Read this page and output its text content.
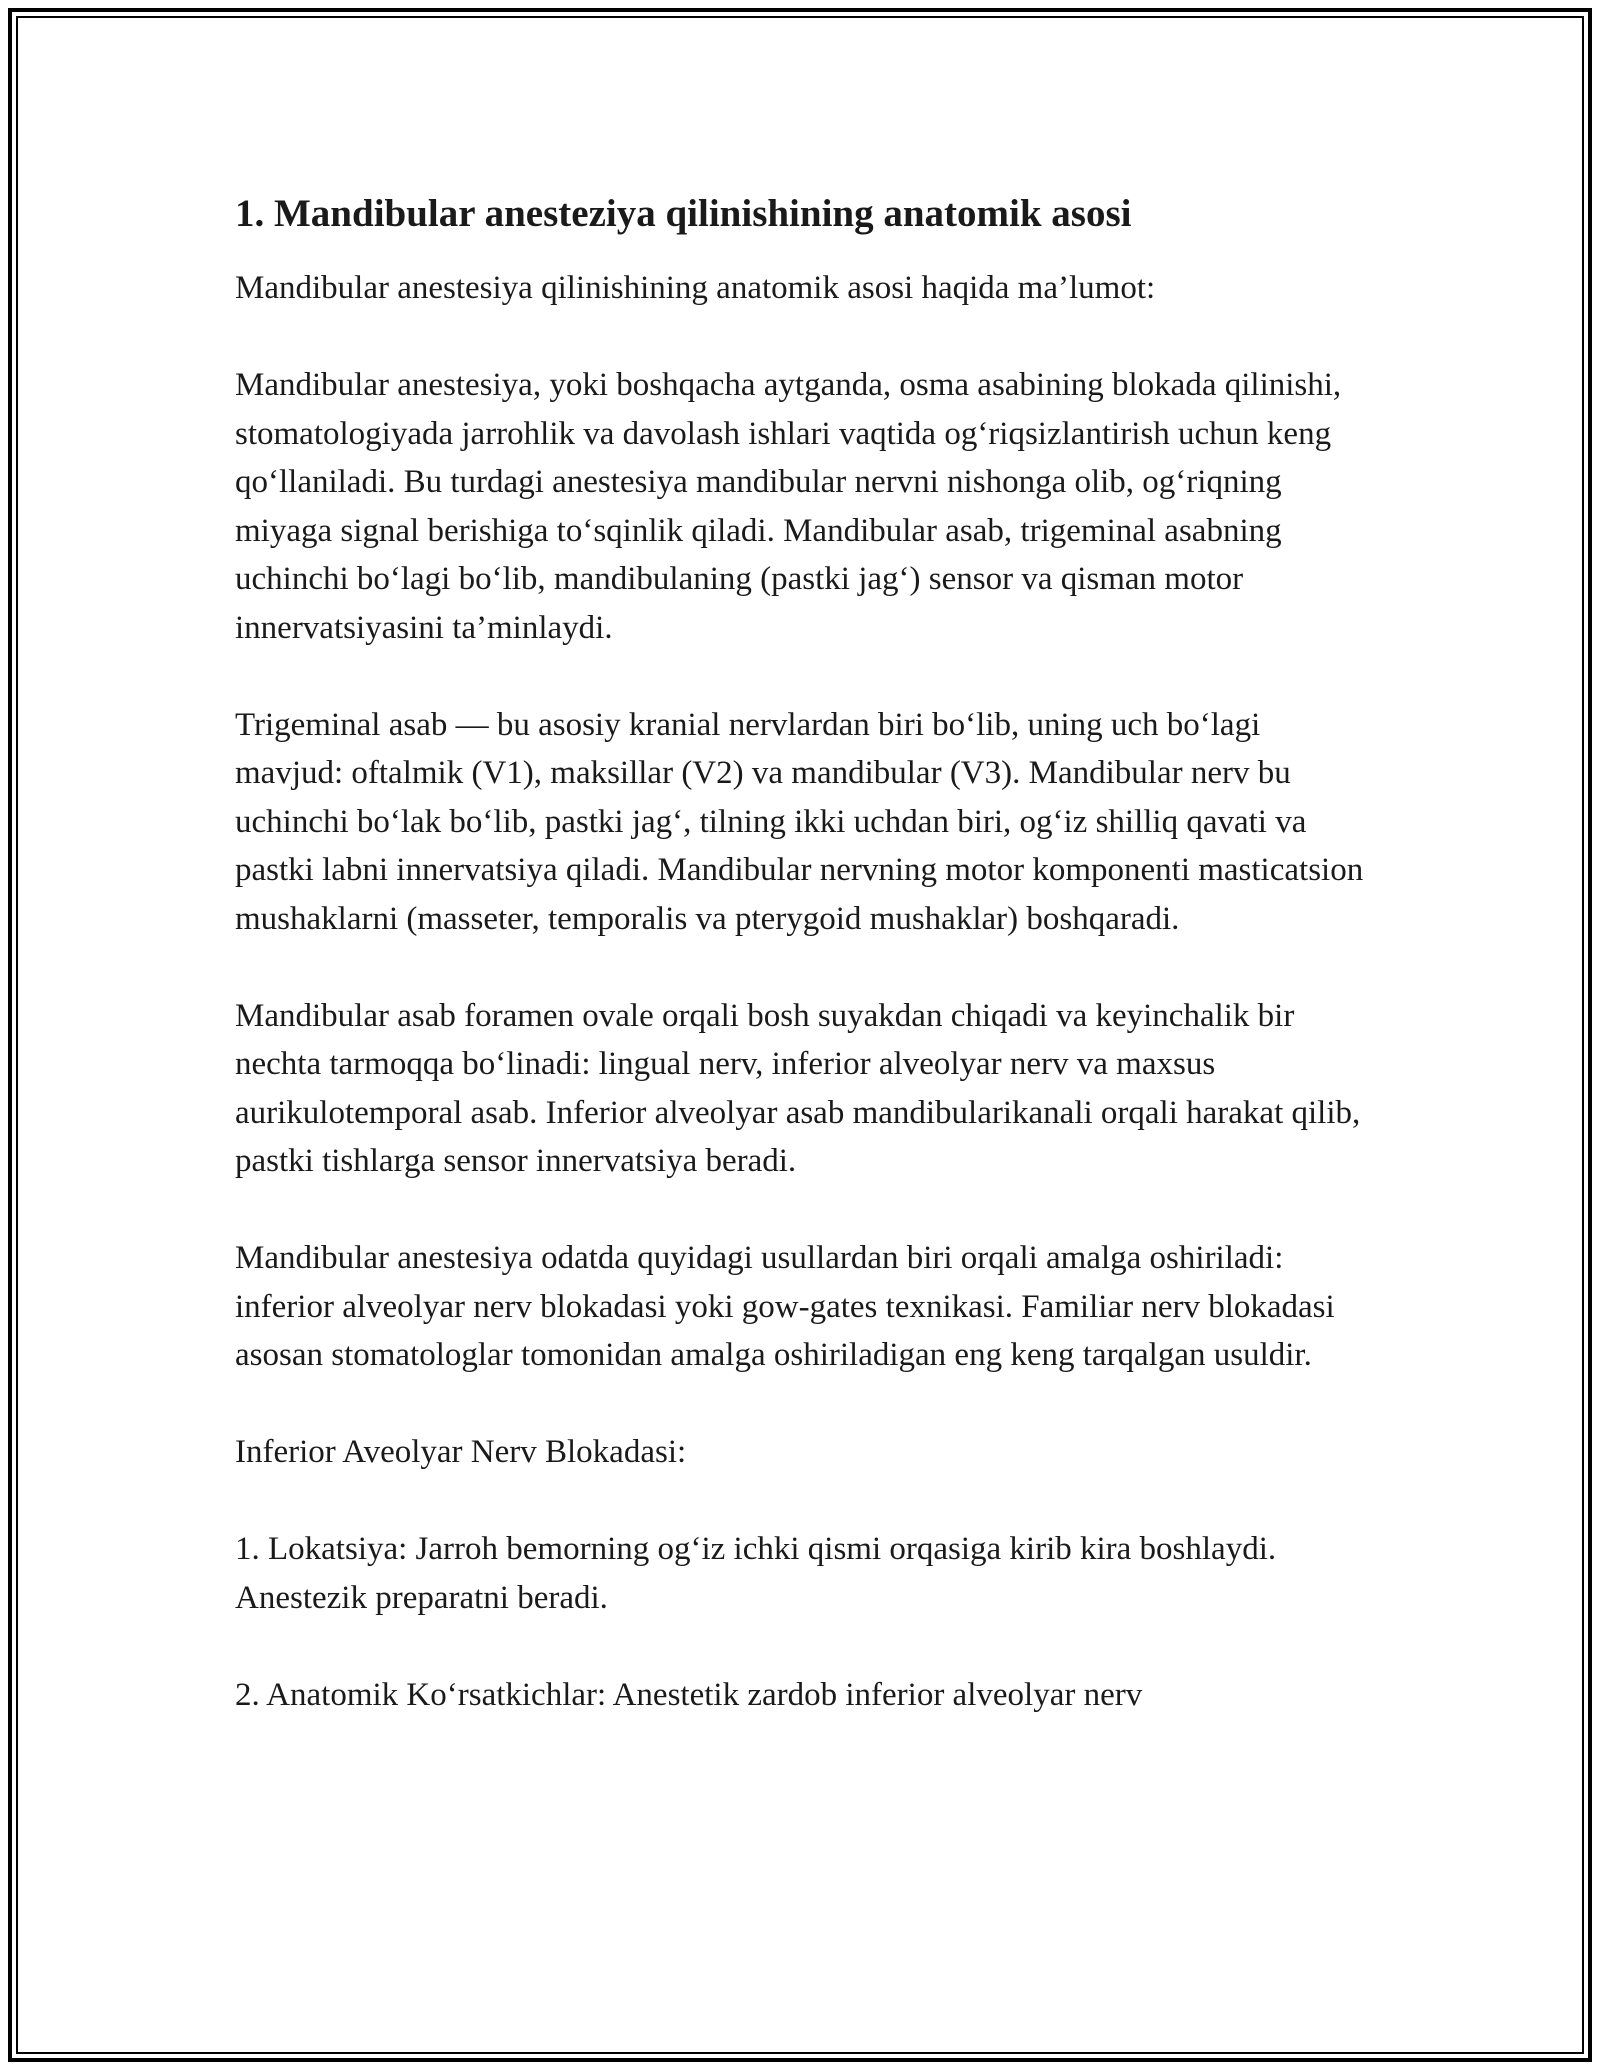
1. Mandibular anesteziya qilinishining anatomik asosi

Mandibular anestesiya qilinishining anatomik asosi haqida ma’lumot:

Mandibular anestesiya, yoki boshqacha aytganda, osma asabining blokada qilinishi, stomatologiyada jarrohlik va davolash ishlari vaqtida og‘riqsizlantirish uchun keng qo‘llaniladi. Bu turdagi anestesiya mandibular nervni nishonga olib, og‘riqning miyaga signal berishiga to‘sqinlik qiladi. Mandibular asab, trigeminal asabning uchinchi bo‘lagi bo‘lib, mandibulaning (pastki jag‘) sensor va qisman motor innervatsiyasini ta’minlaydi.

Trigeminal asab — bu asosiy kranial nervlardan biri bo‘lib, uning uch bo‘lagi mavjud: oftalmik (V1), maksillar (V2) va mandibular (V3). Mandibular nerv bu uchinchi bo‘lak bo‘lib, pastki jag‘, tilning ikki uchdan biri, og‘iz shilliq qavati va pastki labni innervatsiya qiladi. Mandibular nervning motor komponenti masticatsion mushaklarni (masseter, temporalis va pterygoid mushaklar) boshqaradi.

Mandibular asab foramen ovale orqali bosh suyakdan chiqadi va keyinchalik bir nechta tarmoqqa bo‘linadi: lingual nerv, inferior alveolyar nerv va maxsus aurikulotemporal asab. Inferior alveolyar asab mandibularikanali orqali harakat qilib, pastki tishlarga sensor innervatsiya beradi.

Mandibular anestesiya odatda quyidagi usullardan biri orqali amalga oshiriladi: inferior alveolyar nerv blokadasi yoki gow-gates texnikasi. Familiar nerv blokadasi asosan stomatologlar tomonidan amalga oshiriladigan eng keng tarqalgan usuldir.

Inferior Aveolyar Nerv Blokadasi:

1. Lokatsiya: Jarroh bemorning og‘iz ichki qismi orqasiga kirib kira boshlaydi. Anestezik preparatni beradi.

2. Anatomik Ko‘rsatkichlar: Anestetik zardob inferior alveolyar nerv
